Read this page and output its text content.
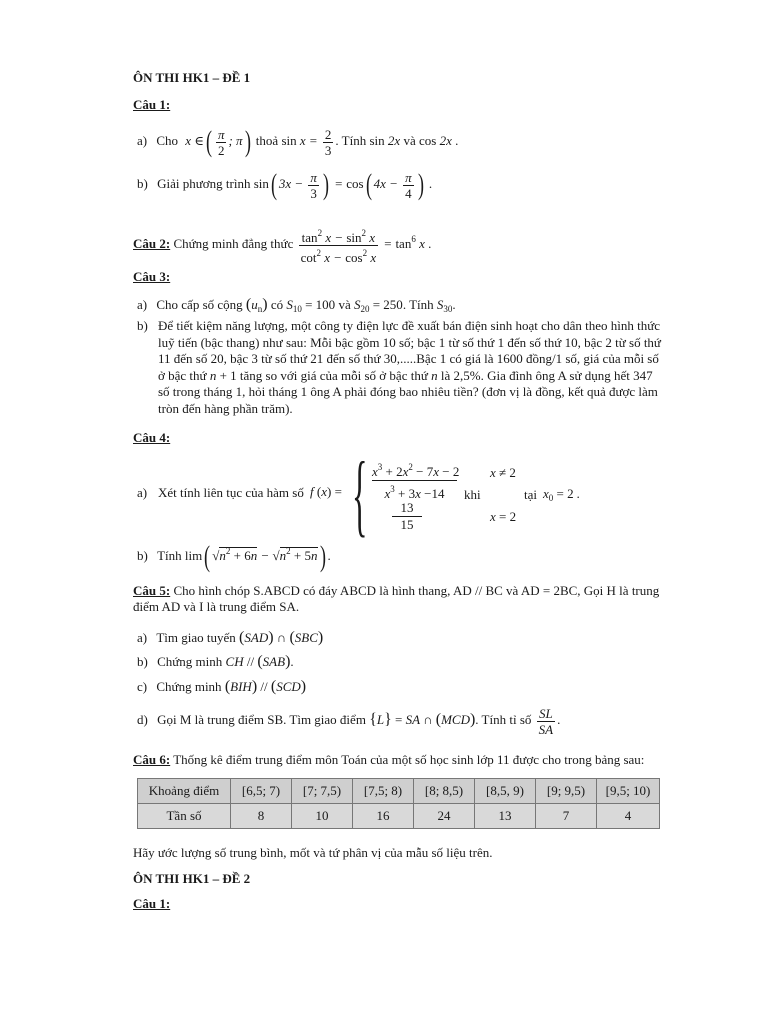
ÔN THI HK1 – ĐỀ 1
Câu 1:
a) Cho x ∈( $\frac{\pi}{2}$ ; π) thoả $\sin x = \frac{2}{3}$ . Tính sin 2x và cos 2x .
b) Giải phương trình sin( $3x - \frac{\pi}{3}$ ) = cos( $4x - \frac{\pi}{4}$ ) .
Câu 2: Chứng minh đẳng thức $\frac{\tan^2 x - \sin^2 x}{\cot^2 x - \cos^2 x} = \tan^6 x$ .
Câu 3:
a) Cho cấp số cộng $(u_n)$ có $S_{10} = 100$ và $S_{20} = 250$. Tính $S_{30}$.
b) Để tiết kiệm năng lượng, một công ty điện lực đề xuất bán điện sinh hoạt cho dân theo hình thức
luỹ tiến (bậc thang) như sau: Mỗi bậc gồm 10 số; bậc 1 từ số thứ 1 đến số thứ 10, bậc 2 từ số thứ
11 đến số 20, bậc 3 từ số thứ 21 đến số thứ 30,.....Bậc 1 có giá là 1600 đồng/1 số, giá của mỗi số
ở bậc thứ n + 1 tăng so với giá của mỗi số ở bậc thứ n là 2,5%. Gia đình ông A sử dụng hết 347
số trong tháng 1, hỏi tháng 1 ông A phải đóng bao nhiêu tiền? (đơn vị là đồng, kết quả được làm
tròn đến hàng phần trăm).
Câu 4:
a) Xét tính liên tục của hàm số f (x) = { $x^3 + 2x^2 - 7x - 2$
$x^3 + 3x -14$
13
15
x ≠ 2
x = 2
khi	tại $x_0 = 2$ .
b) Tính lim( $√n^2 + 6n - √n^2 + 5n$) .
Câu 5: Cho hình chóp S.ABCD có đáy ABCD là hình thang, AD // BC và AD = 2BC, Gọi H là trung
điểm AD và I là trung điểm SA.
a) Tìm giao tuyến (SAD) ∩ (SBC)
b) Chứng minh CH // (SAB).
c) Chứng minh (BIH) // (SCD)
d) Gọi M là trung điểm SB. Tìm giao điểm {L} = SA ∩ (MCD). Tính tỉ số $\frac{SL}{SA}$ .
Câu 6: Thống kê điểm trung điểm môn Toán của một số học sinh lớp 11 được cho trong bảng sau:
Khoảng điểm	[6,5; 7)	[7; 7,5)	[7,5; 8)	[8; 8,5)	[8,5, 9)	[9; 9,5)	[9,5; 10)
Tần số	8	10	16	24	13	7	4
Hãy ước lượng số trung bình, mốt và tứ phân vị của mẫu số liệu trên.
ÔN THI HK1 – ĐỀ 2
Câu 1:
